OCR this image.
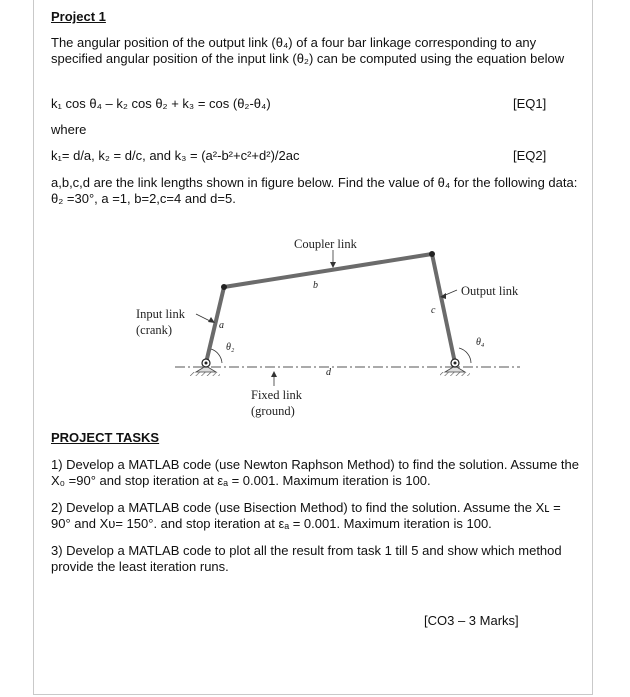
Project 1
The angular position of the output link (θ₄) of a four bar linkage corresponding to any specified angular position of the input link (θ₂) can be computed using the equation below
k₁ cos θ₄ – k₂ cos θ₂ + k₃ = cos (θ₂-θ₄)	[EQ1]
where
k₁= d/a, k₂ = d/c, and k₃ = (a²-b²+c²+d²)/2ac	[EQ2]
a,b,c,d are the link lengths shown in figure below. Find the value of θ₄ for the following data: θ₂ =30°, a =1, b=2,c=4 and d=5.
Coupler link
Output link
Input link
(crank)
Fixed link
(ground)
a
b
c
d
θ₂	θ₄
PROJECT TASKS
1) Develop a MATLAB code (use Newton Raphson Method) to find the solution. Assume the X₀ =90° and stop iteration at εₐ = 0.001. Maximum iteration is 100.
2) Develop a MATLAB code (use Bisection Method) to find the solution. Assume the Xʟ = 90° and Xᴜ= 150°. and stop iteration at εₐ = 0.001. Maximum iteration is 100.
3) Develop a MATLAB code to plot all the result from task 1 till 5 and show which method provide the least iteration runs.
[CO3 – 3 Marks]
